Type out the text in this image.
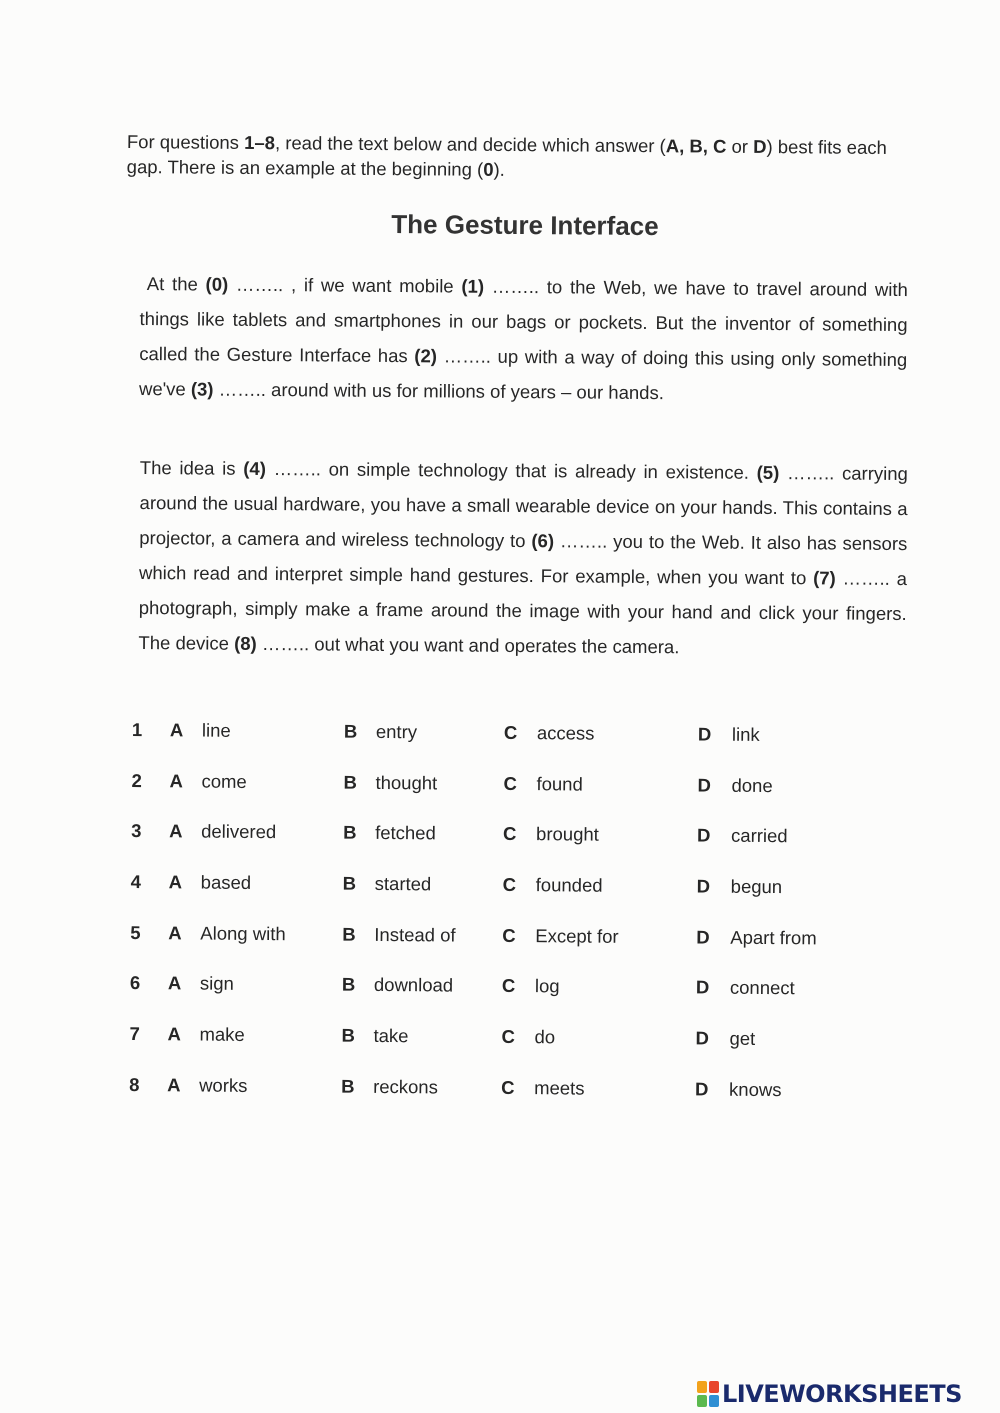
For questions 1–8, read the text below and decide which answer (A, B, C or D) best fits each gap. There is an example at the beginning (0).
The Gesture Interface
At the (0) …….. , if we want mobile (1) …….. to the Web, we have to travel around with things like tablets and smartphones in our bags or pockets. But the inventor of something called the Gesture Interface has (2) …….. up with a way of doing this using only something we've (3) …….. around with us for millions of years – our hands.
The idea is (4) …….. on simple technology that is already in existence. (5) …….. carrying around the usual hardware, you have a small wearable device on your hands. This contains a projector, a camera and wireless technology to (6) …….. you to the Web. It also has sensors which read and interpret simple hand gestures. For example, when you want to (7) …….. a photograph, simply make a frame around the image with your hand and click your fingers. The device (8) …….. out what you want and operates the camera.
1 A line	B entry	C access	D link
2 A come	B thought	C found	D done
3 A delivered	B fetched	C brought	D carried
4 A based	B started	C founded	D begun
5 A Along with	B Instead of	C Except for	D Apart from
6 A sign	B download	C log	D connect
7 A make	B take	C do	D get
8 A works	B reckons	C meets	D knows
LIVEWORKSHEETS
